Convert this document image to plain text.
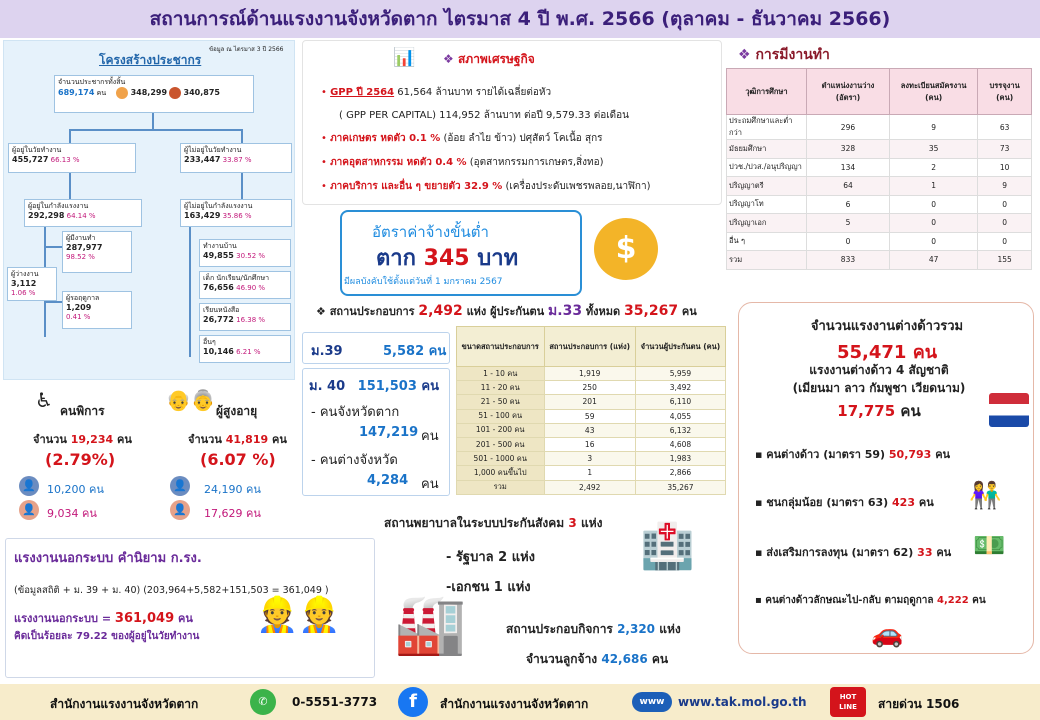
สถานการณ์ด้านแรงงานจังหวัดตาก ไตรมาส 4 ปี พ.ศ. 2566 (ตุลาคม - ธันวาคม 2566)
โครงสร้างประชากร
ข้อมูล ณ ไตรมาส 3 ปี 2566
จำนวนประชากรทั้งสิ้น
689,174 คน	348,299 340,875
ผู้อยู่ในวัยทำงาน
455,727 66.13 %
ผู้ไม่อยู่ในวัยทำงาน
233,447 33.87 %
ผู้อยู่ในกำลังแรงงาน
292,298 64.14 %
ผู้ไม่อยู่ในกำลังแรงงาน
163,429 35.86 %
ผู้มีงานทำ
287,977
98.52 %
ผู้ว่างงาน
3,112
1.06 %
ผู้รอฤดูกาล
1,209
0.41 %
ทำงานบ้าน
49,855 30.52 %
เด็ก นักเรียน/นักศึกษา
76,656 46.90 %
เรียนหนังสือ
26,772 16.38 %
อื่นๆ
10,146 6.21 %
♿ คนพิการ
จำนวน 19,234 คน
(2.79%)
👤 10,200 คน
👤 9,034 คน
👴👵 ผู้สูงอายุ
จำนวน 41,819 คน
(6.07 %)
👤 24,190 คน
👤 17,629 คน
แรงงานนอกระบบ คำนิยาม ก.รง.
(ข้อมูลสถิติ + ม. 39 + ม. 40) (203,964+5,582+151,503 = 361,049 )
แรงงานนอกระบบ = 361,049 คน
คิดเป็นร้อยละ 79.22 ของผู้อยู่ในวัยทำงาน
👷👷
📊 ❖ สภาพเศรษฐกิจ
• GPP ปี 2564 61,564 ล้านบาท รายได้เฉลี่ยต่อหัว
( GPP PER CAPITAL) 114,952 ล้านบาท ต่อปี 9,579.33 ต่อเดือน
• ภาคเกษตร หดตัว 0.1 % (อ้อย ลำไย ข้าว) ปศุสัตว์ โคเนื้อ สุกร
• ภาคอุตสาหกรรม หดตัว 0.4 % (อุตสาหกรรมการเกษตร,สิ่งทอ)
• ภาคบริการ และอื่น ๆ ขยายตัว 32.9 % (เครื่องประดับเพชรพลอย,นาฬิกา)
อัตราค่าจ้างขั้นต่ำ
ตาก 345 บาท
มีผลบังคับใช้ตั้งแต่วันที่ 1 มกราคม 2567
$
❖ สถานประกอบการ 2,492 แห่ง ผู้ประกันตน ม.33 ทั้งหมด 35,267 คน
ม.39	5,582 คน
ม. 40 151,503 คน
- คนจังหวัดตาก
147,219 คน
- คนต่างจังหวัด
4,284 คน
ขนาดสถานประกอบการ	สถานประกอบการ (แห่ง)	จำนวนผู้ประกันตน (คน)
1 - 10 คน	1,919	5,959
11 - 20 คน	250	3,492
21 - 50 คน	201	6,110
51 - 100 คน	59	4,055
101 - 200 คน	43	6,132
201 - 500 คน	16	4,608
501 - 1000 คน	3	1,983
1,000 คนขึ้นไป	1	2,866
รวม	2,492	35,267
สถานพยาบาลในระบบประกันสังคม 3 แห่ง
- รัฐบาล 2 แห่ง
-เอกชน 1 แห่ง
🏥
🏭	สถานประกอบกิจการ 2,320 แห่ง
จำนวนลูกจ้าง 42,686 คน
❖ การมีงานทำ
วุฒิการศึกษา	ตำแหน่งงานว่าง (อัตรา)	ลงทะเบียนสมัครงาน (คน)	บรรจุงาน (คน)
ประถมศึกษาและต่ำกว่า	296	9	63
มัธยมศึกษา	328	35	73
ปวช./ปวส./อนุปริญญา	134	2	10
ปริญญาตรี	64	1	9
ปริญญาโท	6	0	0
ปริญญาเอก	5	0	0
อื่น ๆ	0	0	0
รวม	833	47	155
จำนวนแรงงานต่างด้าวรวม
55,471 คน
แรงงานต่างด้าว 4 สัญชาติ
(เมียนมา ลาว กัมพูชา เวียดนาม)
17,775 คน
▪ คนต่างด้าว (มาตรา 59) 50,793 คน
▪ ชนกลุ่มน้อย (มาตรา 63) 423 คน 👫
▪ ส่งเสริมการลงทุน (มาตรา 62) 33 คน 💵
▪ คนต่างด้าวลักษณะไป-กลับ ตามฤดูกาล 4,222 คน
🚗
สำนักงานแรงงานจังหวัดตาก	✆	0-5551-3773	f	สำนักงานแรงงานจังหวัดตาก	www	www.tak.mol.go.th	HOT LINE	สายด่วน 1506
